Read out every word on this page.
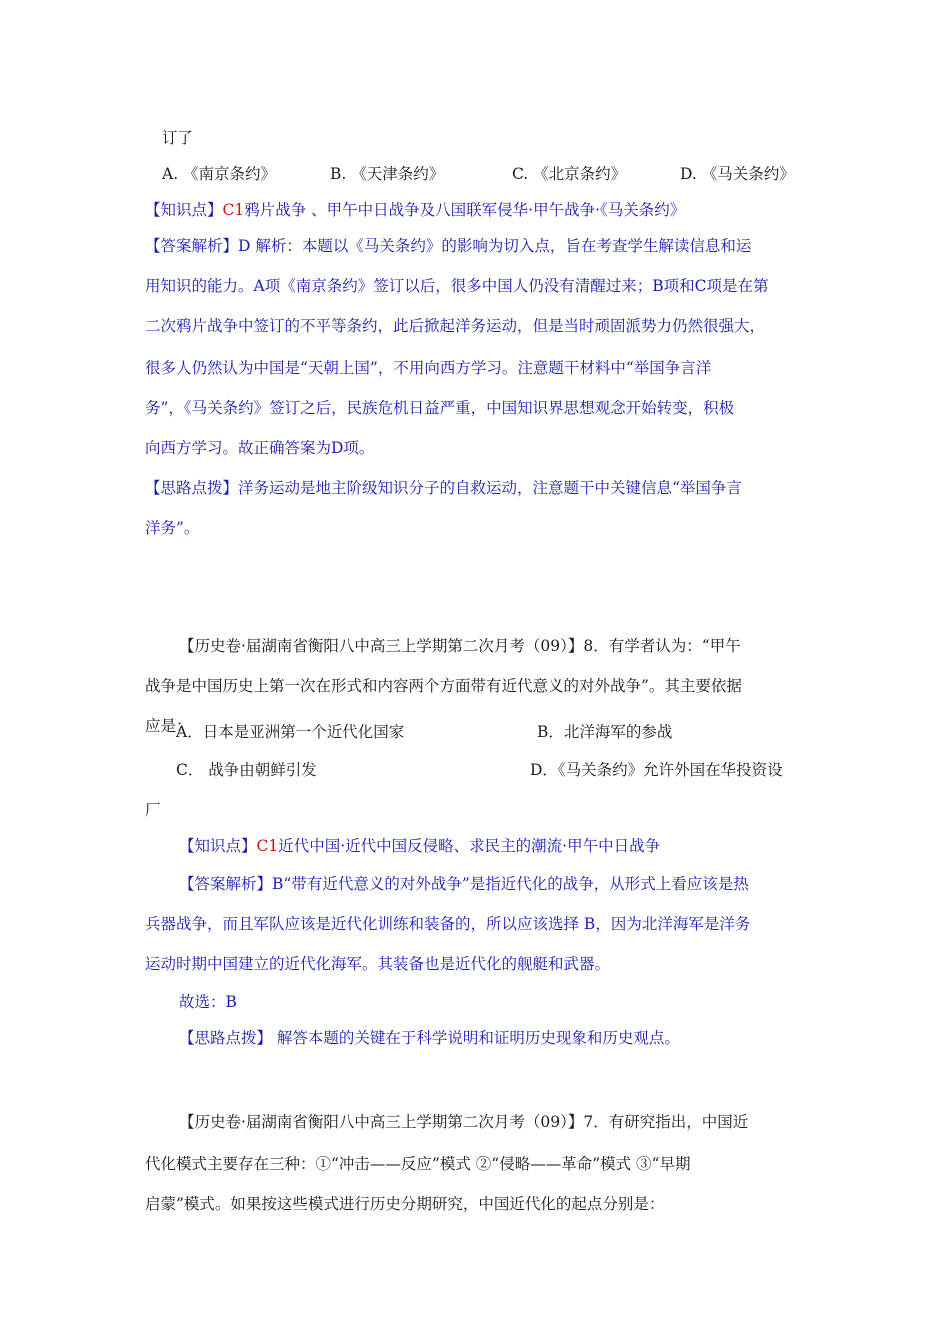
订了
A. 《南京条约》	B. 《天津条约》	C. 《北京条约》	D. 《马关条约》
【知识点】C1鸦片战争 、甲午中日战争及八国联军侵华·甲午战争·《马关条约》
【答案解析】D 解析：本题以《马关条约》的影响为切入点，旨在考查学生解读信息和运
用知识的能力。A项《南京条约》签订以后，很多中国人仍没有清醒过来；B项和C项是在第
二次鸦片战争中签订的不平等条约，此后掀起洋务运动，但是当时顽固派势力仍然很强大，
很多人仍然认为中国是“天朝上国”，不用向西方学习。注意题干材料中“举国争言洋
务”，《马关条约》签订之后，民族危机日益严重，中国知识界思想观念开始转变，积极
向西方学习。故正确答案为D项。
【思路点拨】洋务运动是地主阶级知识分子的自救运动，注意题干中关键信息“举国争言
洋务”。
【历史卷·届湖南省衡阳八中高三上学期第二次月考（09）】8．有学者认为：“甲午
战争是中国历史上第一次在形式和内容两个方面带有近代意义的对外战争”。其主要依据
应是：
A．日本是亚洲第一个近代化国家	B．北洋海军的参战
C． 战争由朝鲜引发	D．《马关条约》允许外国在华投资设
厂
【知识点】C1近代中国·近代中国反侵略、求民主的潮流·甲午中日战争
【答案解析】B“带有近代意义的对外战争”是指近代化的战争，从形式上看应该是热
兵器战争，而且军队应该是近代化训练和装备的，所以应该选择 B，因为北洋海军是洋务
运动时期中国建立的近代化海军。其装备也是近代化的舰艇和武器。
故选：B
【思路点拨】 解答本题的关键在于科学说明和证明历史现象和历史观点。
【历史卷·届湖南省衡阳八中高三上学期第二次月考（09）】7．有研究指出，中国近
代化模式主要存在三种：①“冲击——反应”模式 ②“侵略——革命”模式 ③“早期
启蒙”模式。如果按这些模式进行历史分期研究，中国近代化的起点分别是：
